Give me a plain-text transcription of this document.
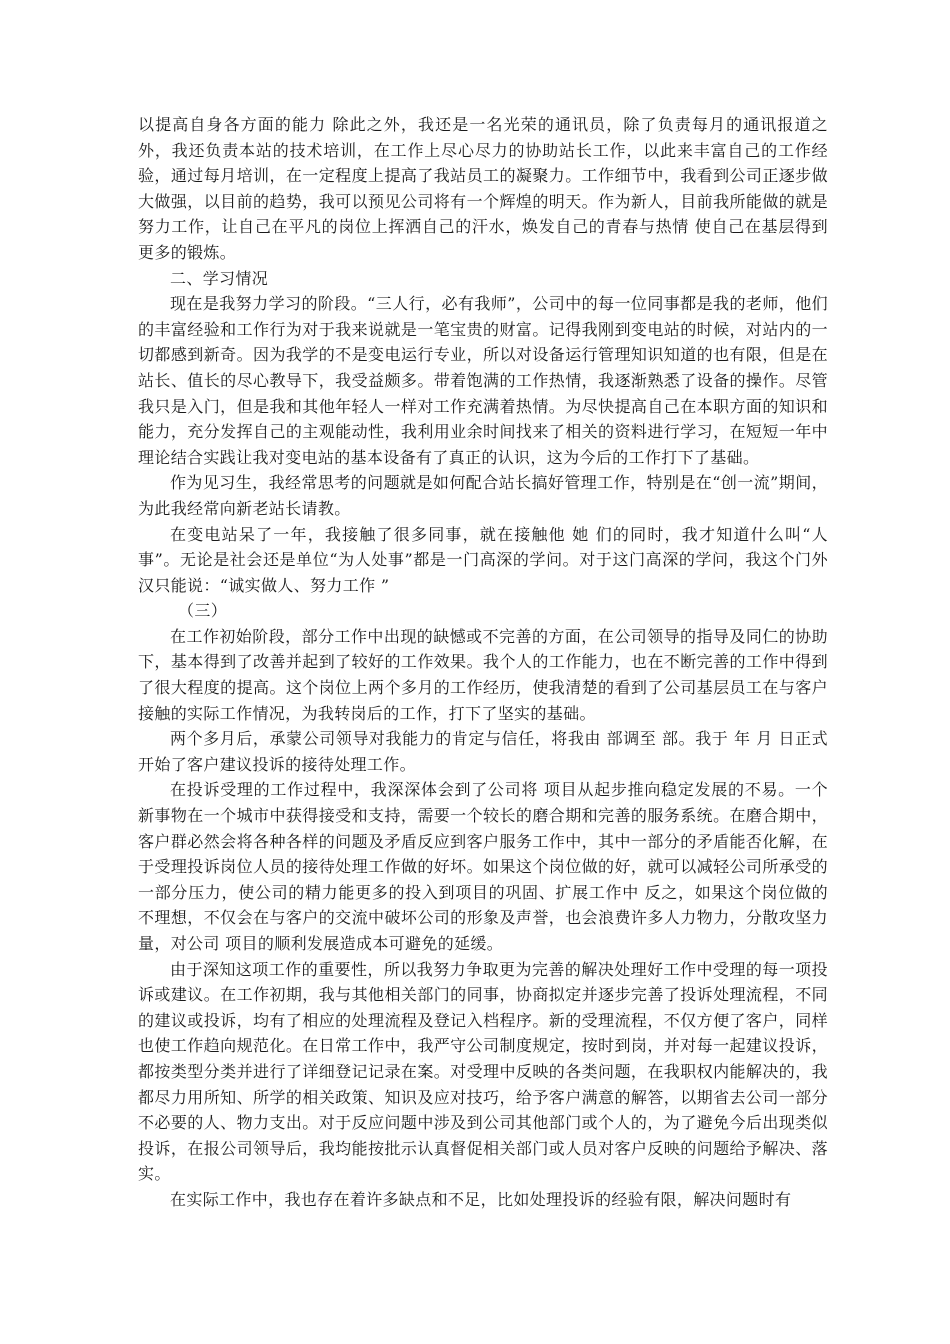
以提高自身各方面的能力 除此之外，我还是一名光荣的通讯员，除了负责每月的通讯报道之外，我还负责本站的技术培训，在工作上尽心尽力的协助站长工作，以此来丰富自己的工作经验，通过每月培训，在一定程度上提高了我站员工的凝聚力。工作细节中，我看到公司正逐步做大做强，以目前的趋势，我可以预见公司将有一个辉煌的明天。作为新人，目前我所能做的就是努力工作，让自己在平凡的岗位上挥洒自己的汗水，焕发自己的青春与热情 使自己在基层得到更多的锻炼。

二、学习情况

现在是我努力学习的阶段。“三人行，必有我师”，公司中的每一位同事都是我的老师，他们的丰富经验和工作行为对于我来说就是一笔宝贵的财富。记得我刚到变电站的时候，对站内的一切都感到新奇。因为我学的不是变电运行专业，所以对设备运行管理知识知道的也有限，但是在站长、值长的尽心教导下，我受益颇多。带着饱满的工作热情，我逐渐熟悉了设备的操作。尽管我只是入门，但是我和其他年轻人一样对工作充满着热情。为尽快提高自己在本职方面的知识和能力，充分发挥自己的主观能动性，我利用业余时间找来了相关的资料进行学习，在短短一年中理论结合实践让我对变电站的基本设备有了真正的认识，这为今后的工作打下了基础。

作为见习生，我经常思考的问题就是如何配合站长搞好管理工作，特别是在“创一流”期间，为此我经常向新老站长请教。

在变电站呆了一年，我接触了很多同事，就在接触他 她 们的同时，我才知道什么叫“人事”。无论是社会还是单位“为人处事”都是一门高深的学问。对于这门高深的学问，我这个门外汉只能说：“诚实做人、努力工作 ”

（三）

在工作初始阶段，部分工作中出现的缺憾或不完善的方面，在公司领导的指导及同仁的协助下，基本得到了改善并起到了较好的工作效果。我个人的工作能力，也在不断完善的工作中得到了很大程度的提高。这个岗位上两个多月的工作经历，使我清楚的看到了公司基层员工在与客户接触的实际工作情况，为我转岗后的工作，打下了坚实的基础。

两个多月后，承蒙公司领导对我能力的肯定与信任，将我由 部调至 部。我于 年 月 日正式开始了客户建议投诉的接待处理工作。

在投诉受理的工作过程中，我深深体会到了公司将 项目从起步推向稳定发展的不易。一个新事物在一个城市中获得接受和支持，需要一个较长的磨合期和完善的服务系统。在磨合期中，客户群必然会将各种各样的问题及矛盾反应到客户服务工作中，其中一部分的矛盾能否化解，在于受理投诉岗位人员的接待处理工作做的好坏。如果这个岗位做的好，就可以减轻公司所承受的一部分压力，使公司的精力能更多的投入到项目的巩固、扩展工作中 反之，如果这个岗位做的不理想，不仅会在与客户的交流中破坏公司的形象及声誉，也会浪费许多人力物力，分散攻坚力量，对公司 项目的顺利发展造成本可避免的延缓。

由于深知这项工作的重要性，所以我努力争取更为完善的解决处理好工作中受理的每一项投诉或建议。在工作初期，我与其他相关部门的同事，协商拟定并逐步完善了投诉处理流程，不同的建议或投诉，均有了相应的处理流程及登记入档程序。新的受理流程，不仅方便了客户，同样也使工作趋向规范化。在日常工作中，我严守公司制度规定，按时到岗，并对每一起建议投诉，都按类型分类并进行了详细登记记录在案。对受理中反映的各类问题，在我职权内能解决的，我都尽力用所知、所学的相关政策、知识及应对技巧，给予客户满意的解答，以期省去公司一部分不必要的人、物力支出。对于反应问题中涉及到公司其他部门或个人的，为了避免今后出现类似投诉，在报公司领导后，我均能按批示认真督促相关部门或人员对客户反映的问题给予解决、落实。

在实际工作中，我也存在着许多缺点和不足，比如处理投诉的经验有限，解决问题时有
